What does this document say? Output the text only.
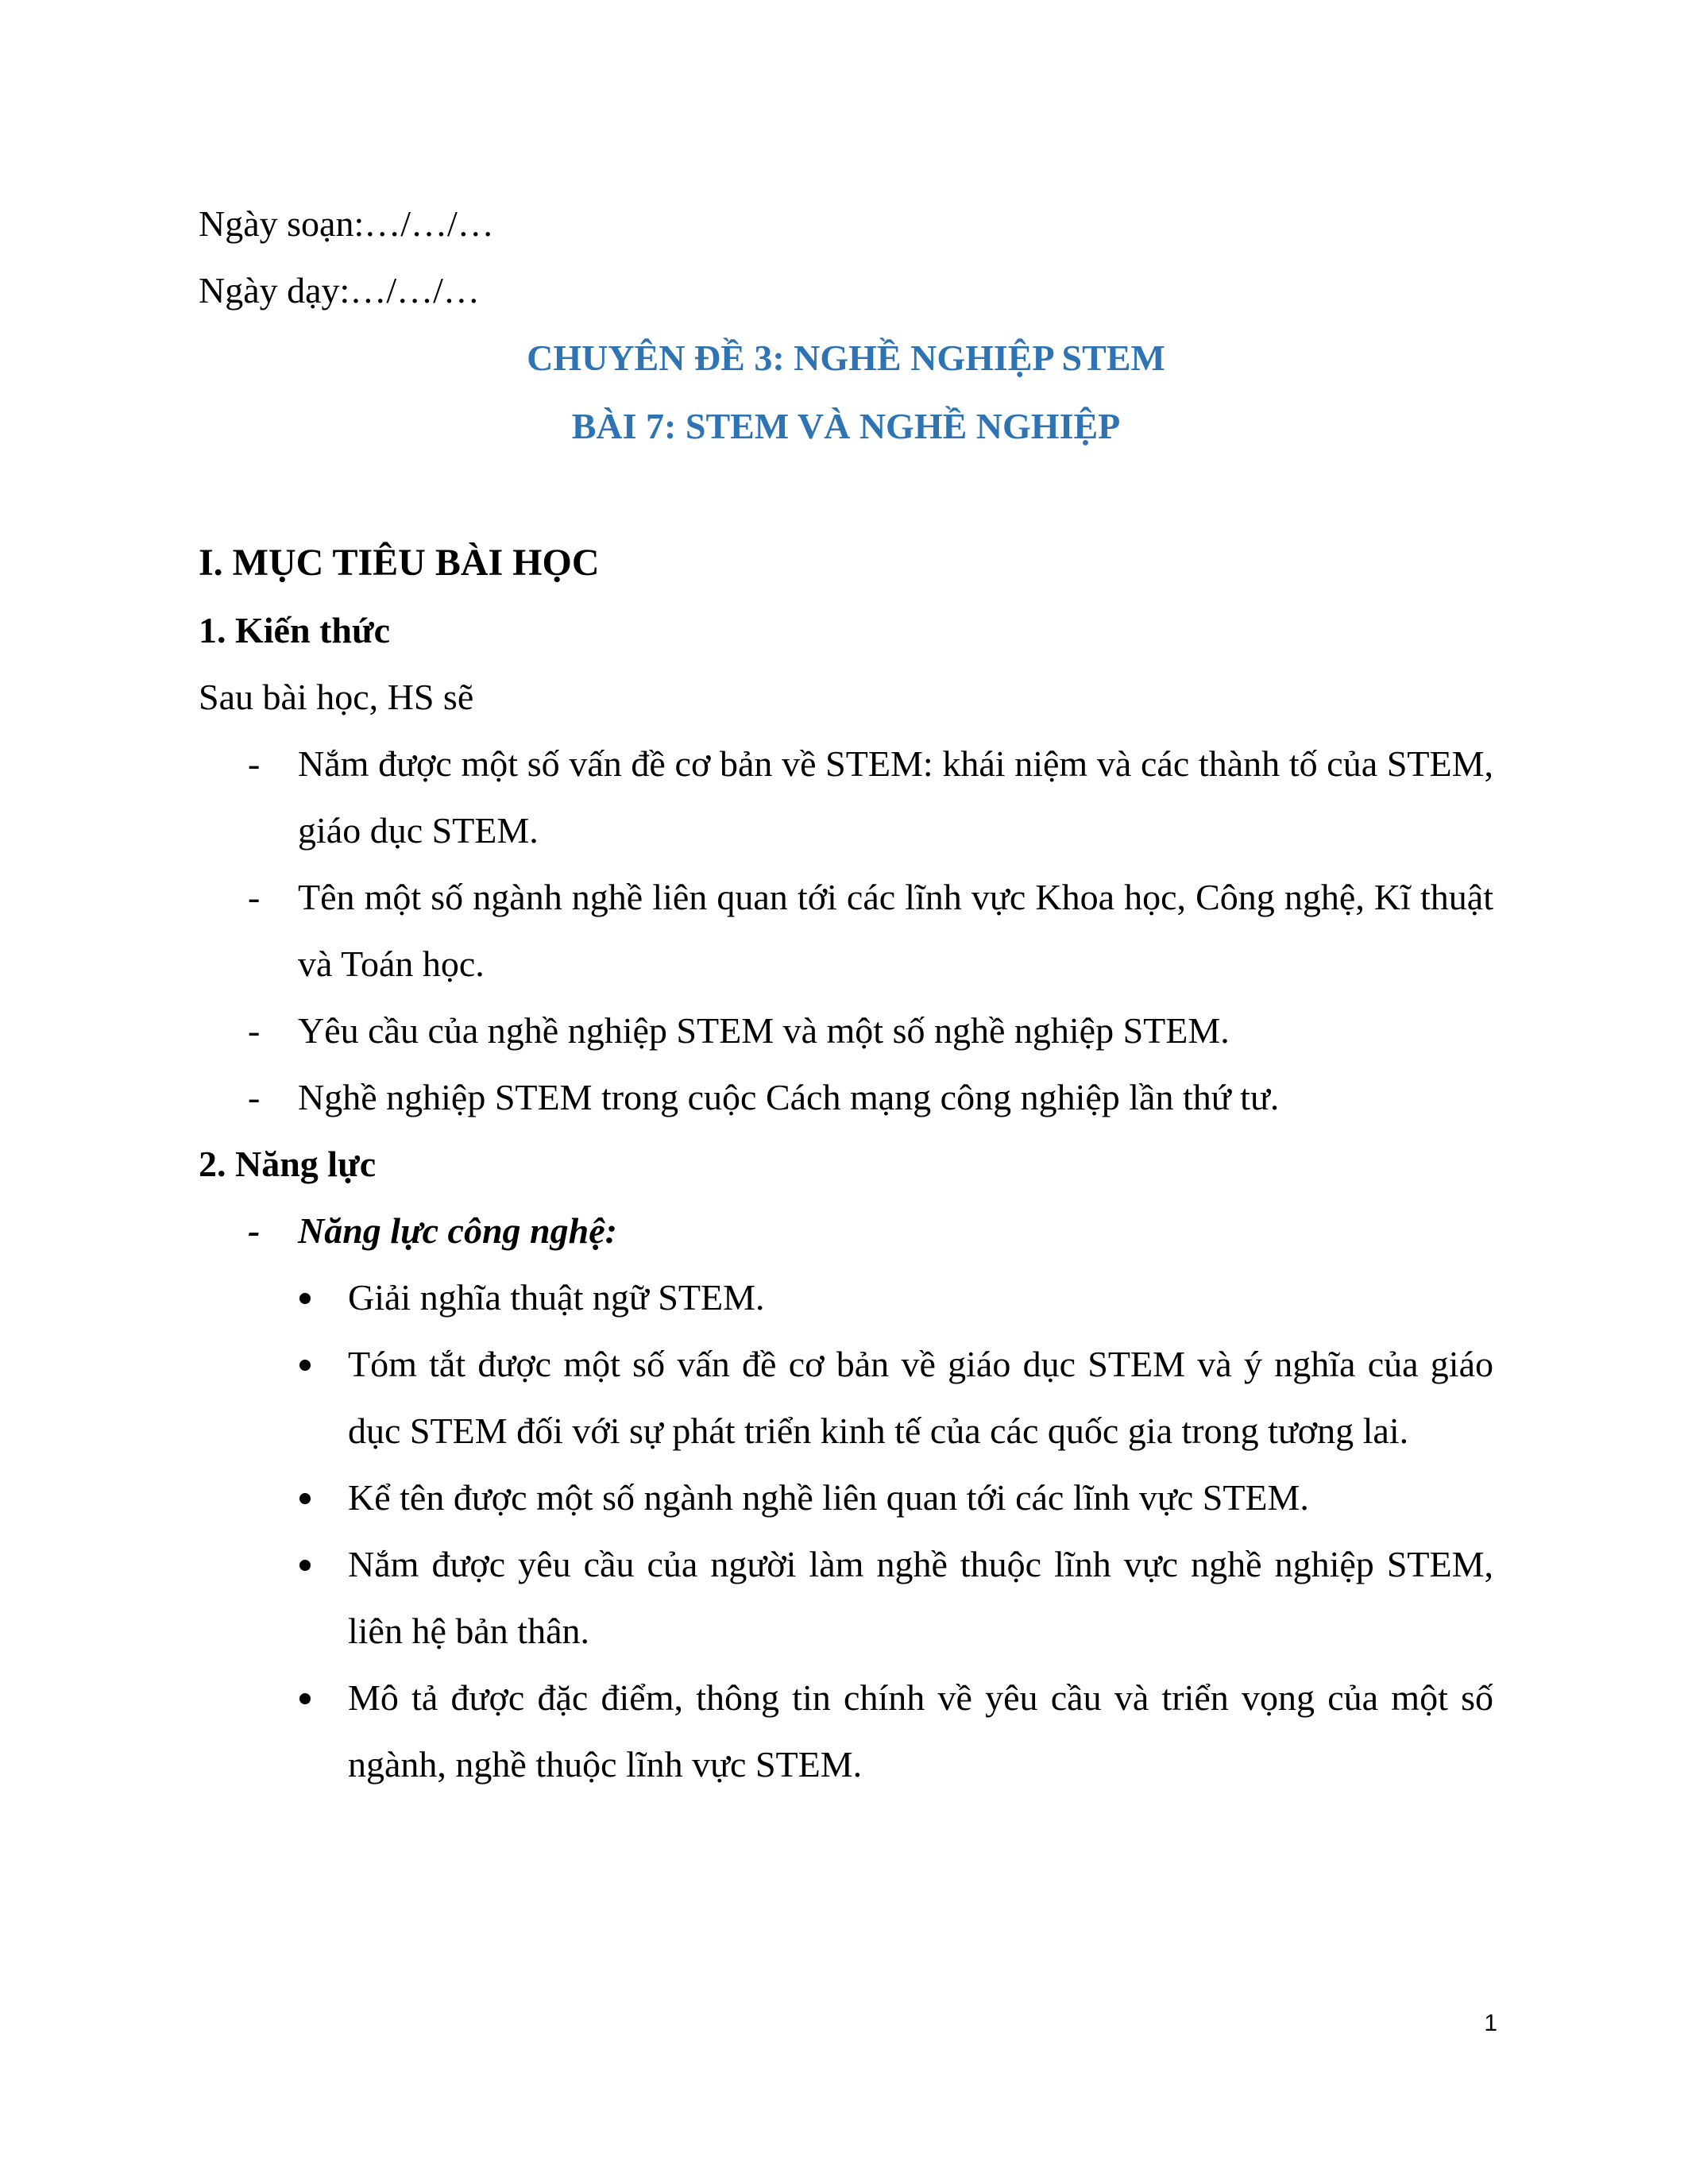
Ngày soạn:…/…/…
Ngày dạy:…/…/…
CHUYÊN ĐỀ 3: NGHỀ NGHIỆP STEM
BÀI 7: STEM VÀ NGHỀ NGHIỆP
I. MỤC TIÊU BÀI HỌC
1. Kiến thức
Sau bài học, HS sẽ
-	Nắm được một số vấn đề cơ bản về STEM: khái niệm và các thành tố của STEM, giáo dục STEM.
-	Tên một số ngành nghề liên quan tới các lĩnh vực Khoa học, Công nghệ, Kĩ thuật và Toán học.
-	Yêu cầu của nghề nghiệp STEM và một số nghề nghiệp STEM.
-	Nghề nghiệp STEM trong cuộc Cách mạng công nghiệp lần thứ tư.
2. Năng lực
-	Năng lực công nghệ:
Giải nghĩa thuật ngữ STEM.
Tóm tắt được một số vấn đề cơ bản về giáo dục STEM và ý nghĩa của giáo dục STEM đối với sự phát triển kinh tế của các quốc gia trong tương lai.
Kể tên được một số ngành nghề liên quan tới các lĩnh vực STEM.
Nắm được yêu cầu của người làm nghề thuộc lĩnh vực nghề nghiệp STEM, liên hệ bản thân.
Mô tả được đặc điểm, thông tin chính về yêu cầu và triển vọng của một số ngành, nghề thuộc lĩnh vực STEM.
1
